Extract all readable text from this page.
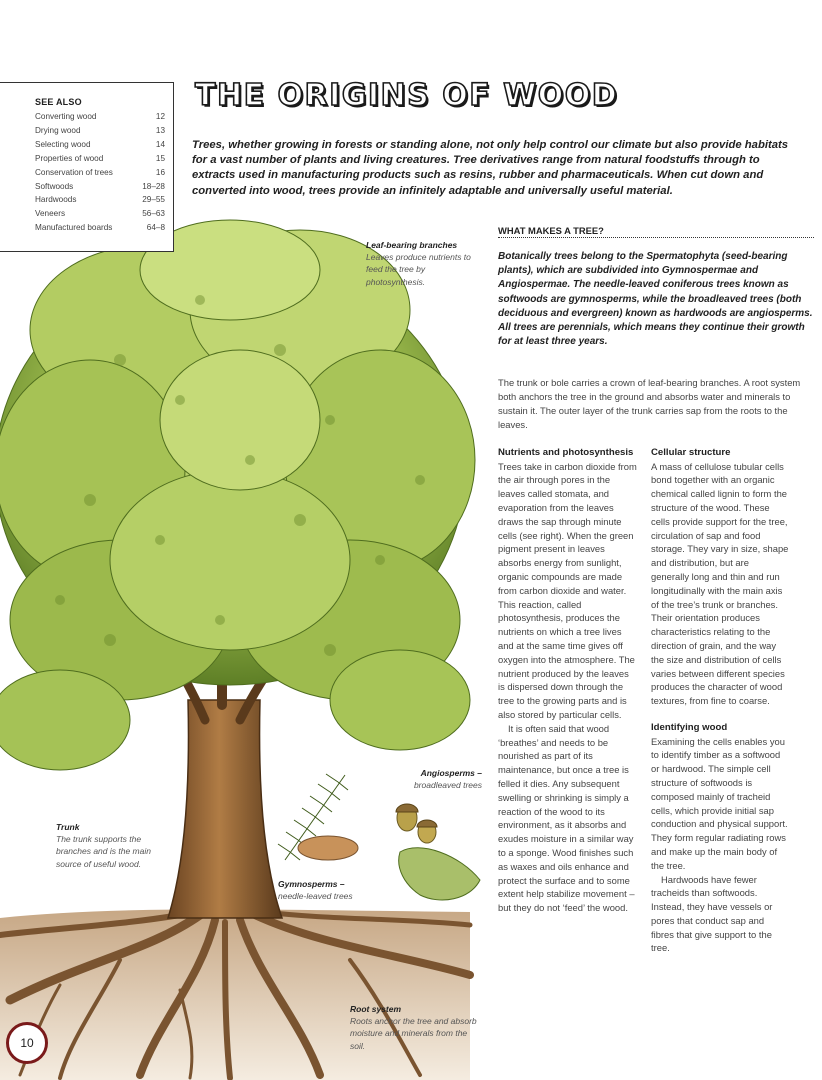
SEE ALSO
Converting wood	12
Drying wood	13
Selecting wood	14
Properties of wood	15
Conservation of trees	16
Softwoods	18–28
Hardwoods	29–55
Veneers	56–63
Manufactured boards	64–8
THE ORIGINS OF WOOD

Trees, whether growing in forests or standing alone, not only help control our climate but also provide habitats for a vast number of plants and living creatures. Tree derivatives range from natural foodstuffs through to extracts used in manufacturing products such as resins, rubber and pharmaceuticals. When cut down and converted into wood, trees provide an infinitely adaptable and universally useful material.

WHAT MAKES A TREE?

Botanically trees belong to the Spermatophyta (seed-bearing plants), which are subdivided into Gymnospermae and Angiospermae. The needle-leaved coniferous trees known as softwoods are gymnosperms, while the broadleaved trees (both deciduous and evergreen) known as hardwoods are angiosperms. All trees are perennials, which means they continue their growth for at least three years.

The trunk or bole carries a crown of leaf-bearing branches. A root system both anchors the tree in the ground and absorbs water and minerals to sustain it. The outer layer of the trunk carries sap from the roots to the leaves.

Nutrients and photosynthesis

Trees take in carbon dioxide from the air through pores in the leaves called stomata, and evaporation from the leaves draws the sap through minute cells (see right). When the green pigment present in leaves absorbs energy from sunlight, organic compounds are made from carbon dioxide and water. This reaction, called photosynthesis, produces the nutrients on which a tree lives and at the same time gives off oxygen into the atmosphere. The nutrient produced by the leaves is dispersed down through the tree to the growing parts and is also stored by particular cells.

It is often said that wood ‘breathes’ and needs to be nourished as part of its maintenance, but once a tree is felled it dies. Any subsequent swelling or shrinking is simply a reaction of the wood to its environment, as it absorbs and exudes moisture in a similar way to a sponge. Wood finishes such as waxes and oils enhance and protect the surface and to some extent help stabilize movement – but they do not ‘feed’ the wood.

Cellular structure

A mass of cellulose tubular cells bond together with an organic chemical called lignin to form the structure of the wood. These cells provide support for the tree, circulation of sap and food storage. They vary in size, shape and distribution, but are generally long and thin and run longitudinally with the main axis of the tree’s trunk or branches. Their orientation produces characteristics relating to the direction of grain, and the way the size and distribution of cells varies between different species produces the character of wood textures, from fine to coarse.

Identifying wood

Examining the cells enables you to identify timber as a softwood or hardwood. The simple cell structure of softwoods is composed mainly of tracheid cells, which provide initial sap conduction and physical support. They form regular radiating rows and make up the main body of the tree.

Hardwoods have fewer tracheids than softwoods. Instead, they have vessels or pores that conduct sap and fibres that give support to the tree.

Leaf-bearing branches
Leaves produce nutrients to feed the tree by photosynthesis.
Angiosperms –
broadleaved trees
Trunk
The trunk supports the branches and is the main source of useful wood.
Gymnosperms –
needle-leaved trees
Root system
Roots anchor the tree and absorb moisture and minerals from the soil.
10
